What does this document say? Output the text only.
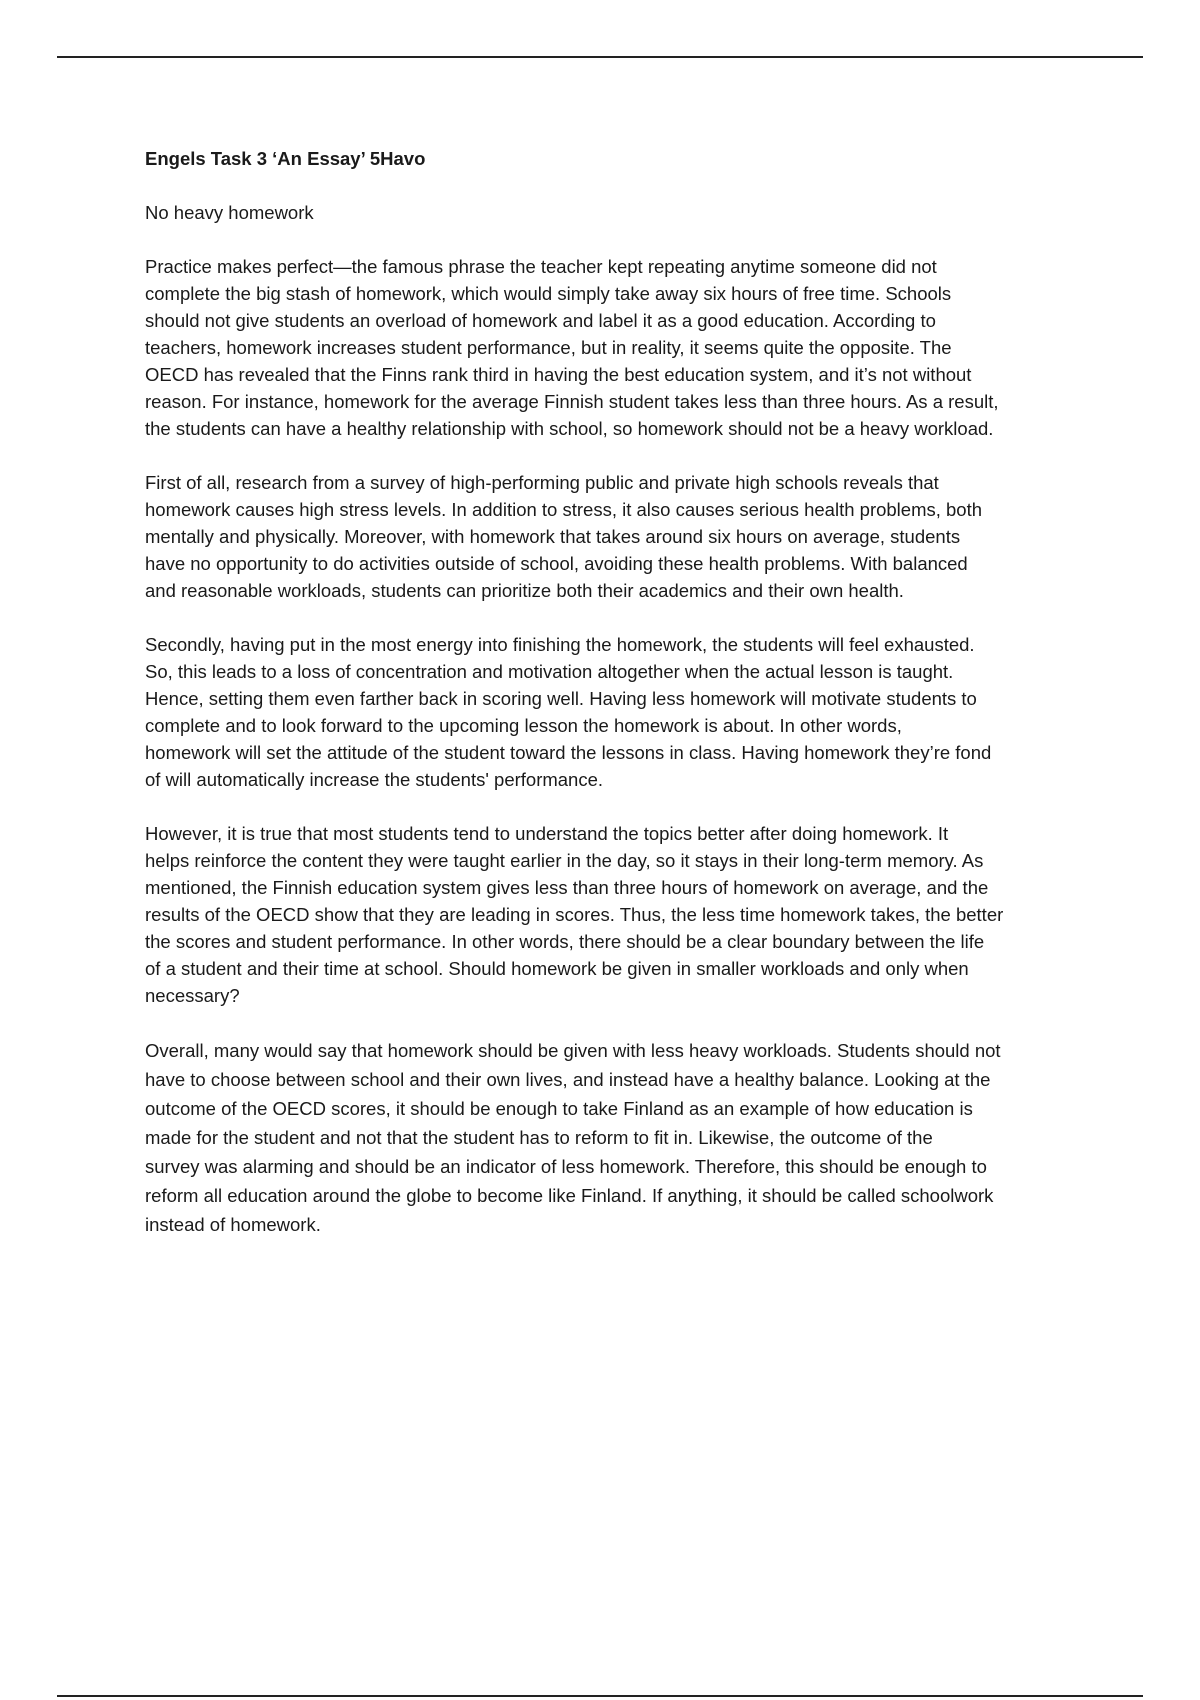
Engels Task 3 ‘An Essay’ 5Havo
No heavy homework
Practice makes perfect—the famous phrase the teacher kept repeating anytime someone did not
complete the big stash of homework, which would simply take away six hours of free time. Schools
should not give students an overload of homework and label it as a good education. According to
teachers, homework increases student performance, but in reality, it seems quite the opposite. The
OECD has revealed that the Finns rank third in having the best education system, and it’s not without
reason. For instance, homework for the average Finnish student takes less than three hours. As a result,
the students can have a healthy relationship with school, so homework should not be a heavy workload.
First of all, research from a survey of high-performing public and private high schools reveals that
homework causes high stress levels. In addition to stress, it also causes serious health problems, both
mentally and physically. Moreover, with homework that takes around six hours on average, students
have no opportunity to do activities outside of school, avoiding these health problems. With balanced
and reasonable workloads, students can prioritize both their academics and their own health.
Secondly, having put in the most energy into finishing the homework, the students will feel exhausted.
So, this leads to a loss of concentration and motivation altogether when the actual lesson is taught.
Hence, setting them even farther back in scoring well. Having less homework will motivate students to
complete and to look forward to the upcoming lesson the homework is about. In other words,
homework will set the attitude of the student toward the lessons in class. Having homework they’re fond
of will automatically increase the students' performance.
However, it is true that most students tend to understand the topics better after doing homework. It
helps reinforce the content they were taught earlier in the day, so it stays in their long-term memory. As
mentioned, the Finnish education system gives less than three hours of homework on average, and the
results of the OECD show that they are leading in scores. Thus, the less time homework takes, the better
the scores and student performance. In other words, there should be a clear boundary between the life
of a student and their time at school. Should homework be given in smaller workloads and only when
necessary?
Overall, many would say that homework should be given with less heavy workloads. Students should not
have to choose between school and their own lives, and instead have a healthy balance. Looking at the
outcome of the OECD scores, it should be enough to take Finland as an example of how education is
made for the student and not that the student has to reform to fit in. Likewise, the outcome of the
survey was alarming and should be an indicator of less homework. Therefore, this should be enough to
reform all education around the globe to become like Finland. If anything, it should be called schoolwork
instead of homework.
